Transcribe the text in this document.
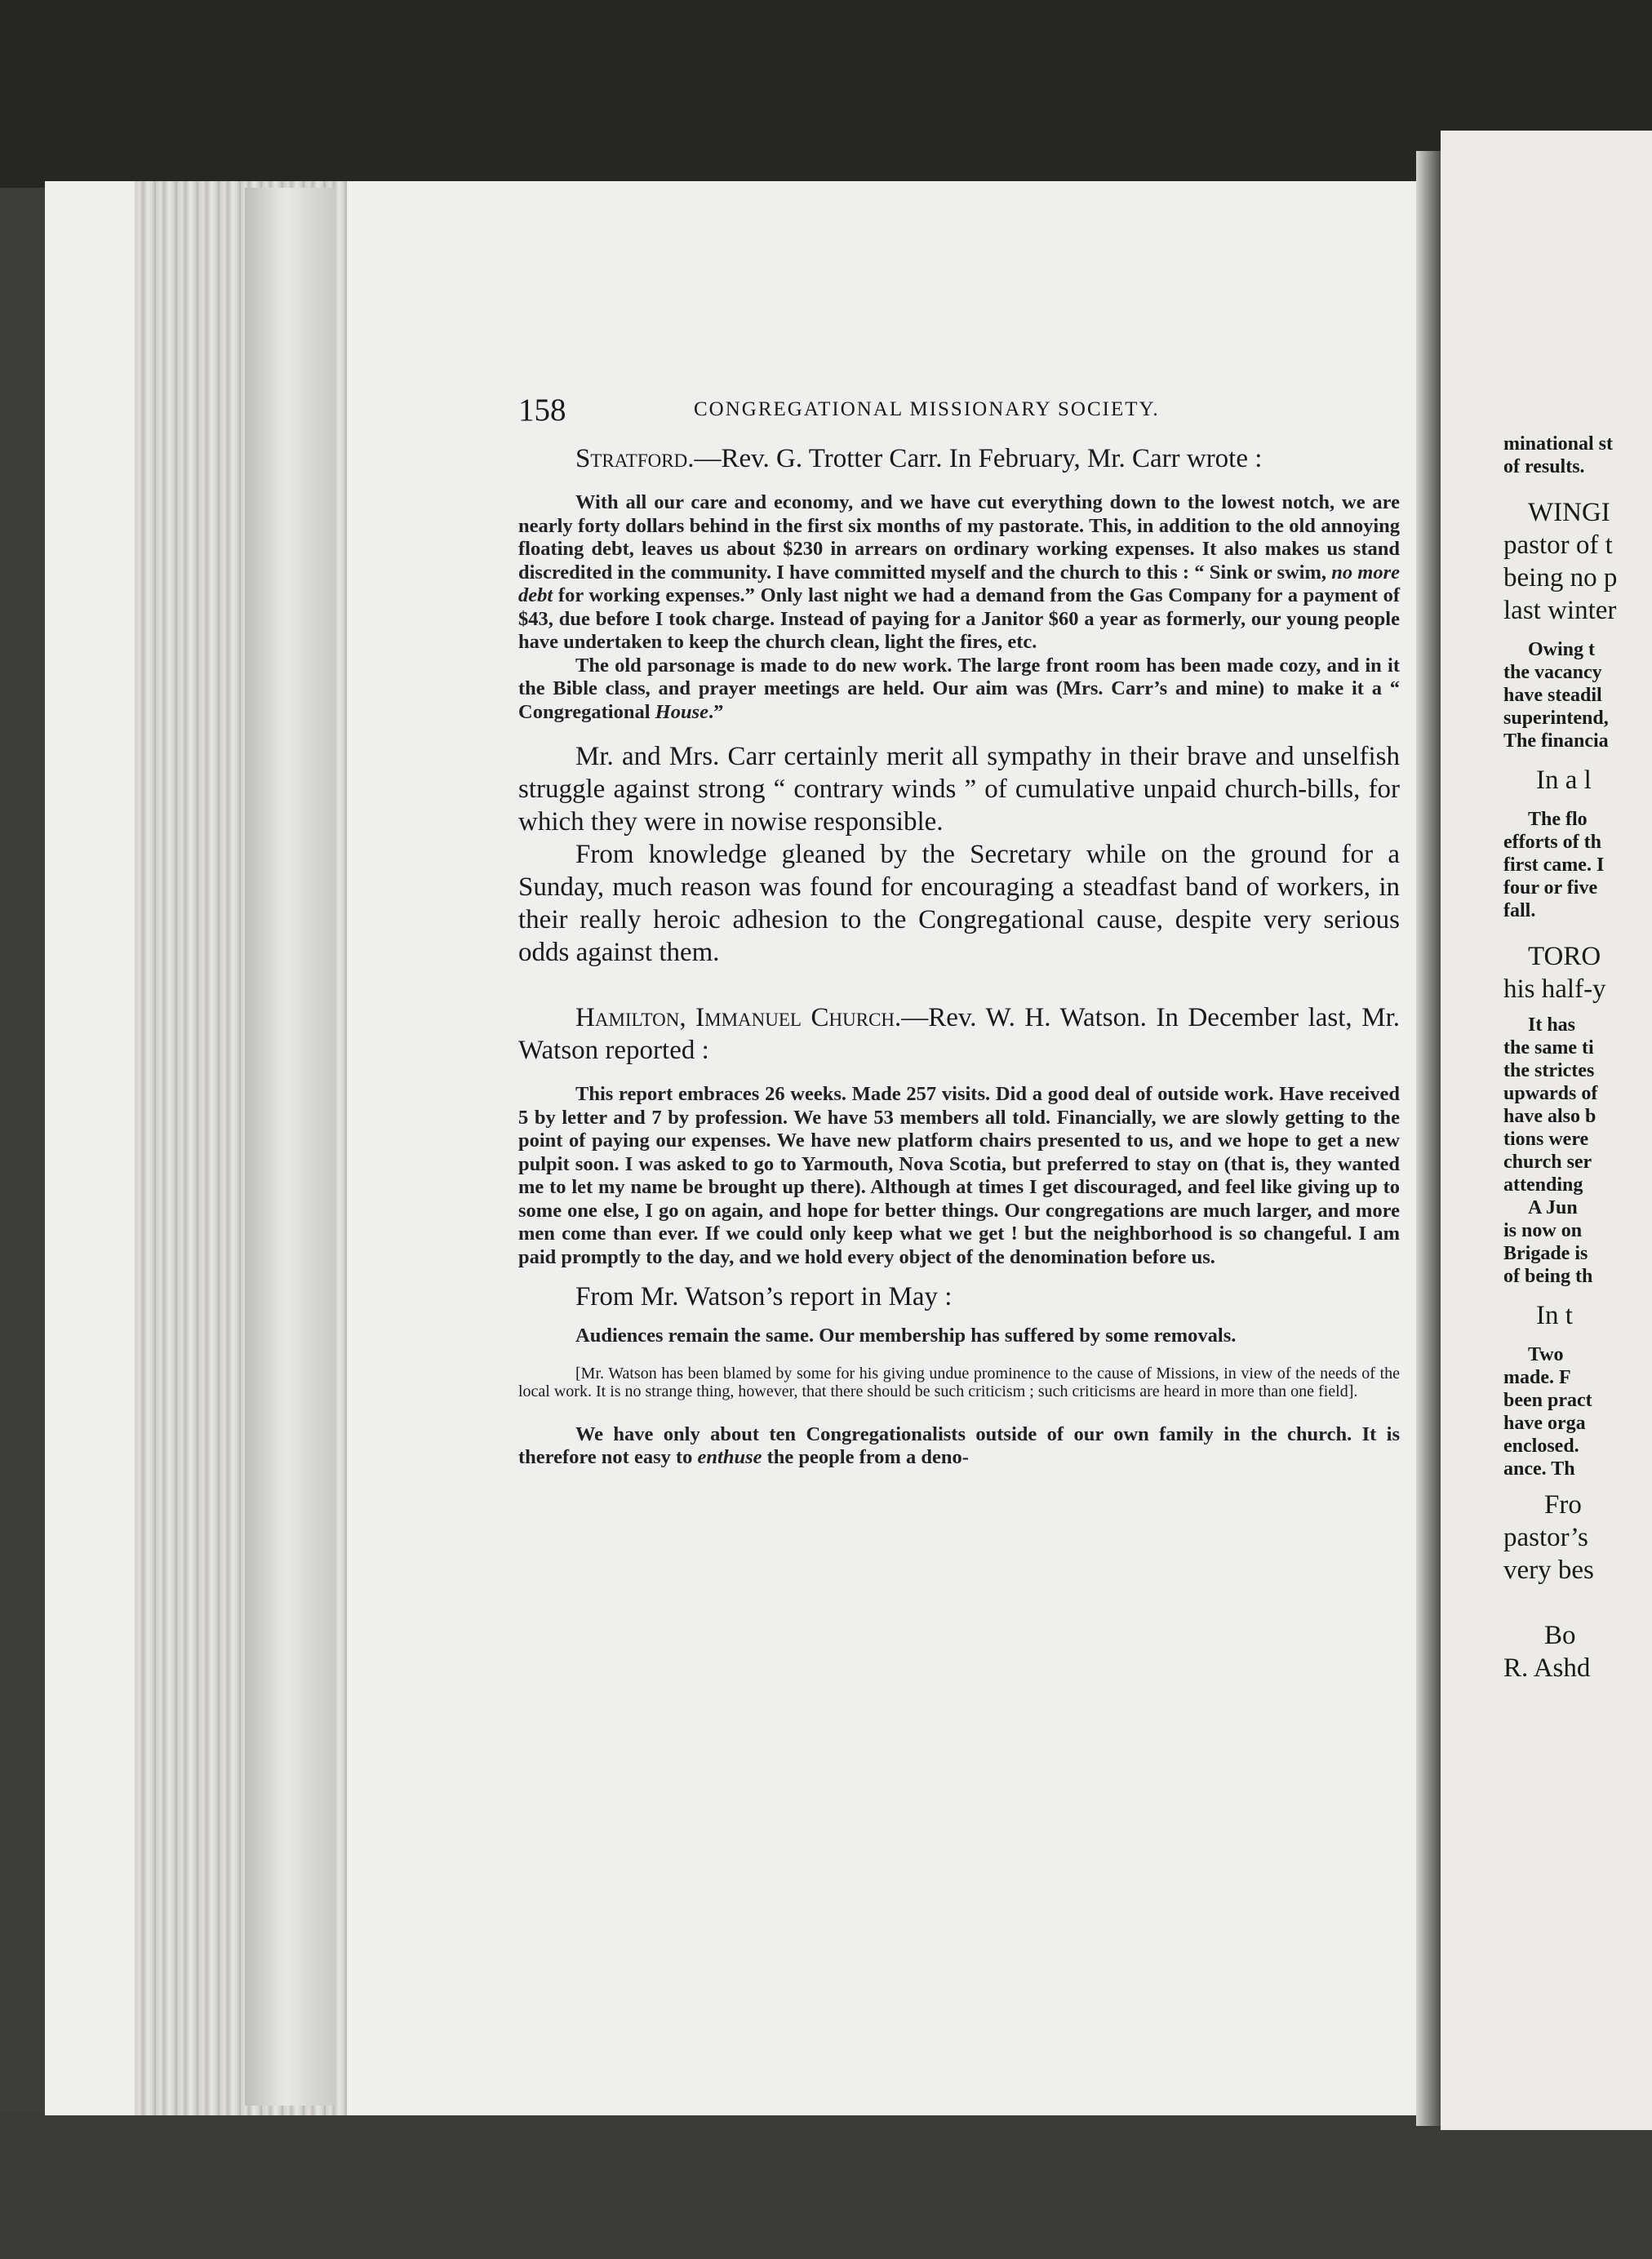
158	CONGREGATIONAL MISSIONARY SOCIETY.

Stratford.—Rev. G. Trotter Carr. In February, Mr. Carr wrote :

With all our care and economy, and we have cut everything down to the lowest notch, we are nearly forty dollars behind in the first six months of my pastorate. This, in addition to the old annoying floating debt, leaves us about $230 in arrears on ordinary working expenses. It also makes us stand discredited in the community. I have committed myself and the church to this : “ Sink or swim, no more debt for working expenses.” Only last night we had a demand from the Gas Company for a payment of $43, due before I took charge. Instead of paying for a Janitor $60 a year as formerly, our young people have undertaken to keep the church clean, light the fires, etc.

The old parsonage is made to do new work. The large front room has been made cozy, and in it the Bible class, and prayer meetings are held. Our aim was (Mrs. Carr’s and mine) to make it a “ Congregational House.”

Mr. and Mrs. Carr certainly merit all sympathy in their brave and unselfish struggle against strong “ contrary winds ” of cumulative unpaid church-bills, for which they were in nowise responsible.

From knowledge gleaned by the Secretary while on the ground for a Sunday, much reason was found for encouraging a steadfast band of workers, in their really heroic adhesion to the Congregational cause, despite very serious odds against them.

Hamilton, Immanuel Church.—Rev. W. H. Watson. In December last, Mr. Watson reported :

This report embraces 26 weeks. Made 257 visits. Did a good deal of outside work. Have received 5 by letter and 7 by profession. We have 53 members all told. Financially, we are slowly getting to the point of paying our expenses. We have new platform chairs presented to us, and we hope to get a new pulpit soon. I was asked to go to Yarmouth, Nova Scotia, but preferred to stay on (that is, they wanted me to let my name be brought up there). Although at times I get discouraged, and feel like giving up to some one else, I go on again, and hope for better things. Our congregations are much larger, and more men come than ever. If we could only keep what we get ! but the neighborhood is so changeful. I am paid promptly to the day, and we hold every object of the denomination before us.

From Mr. Watson’s report in May :

Audiences remain the same. Our membership has suffered by some removals.

[Mr. Watson has been blamed by some for his giving undue prominence to the cause of Missions, in view of the needs of the local work. It is no strange thing, however, that there should be such criticism ; such criticisms are heard in more than one field].

We have only about ten Congregationalists outside of our own family in the church. It is therefore not easy to enthuse the people from a deno-

minational st
of results.
WINGI
pastor of t
being no p
last winter
Owing t
the vacancy
have steadil
superintend,
The financia
In a l
The flo
efforts of th
first came. I
four or five
fall.
TORO
his half-y
It has
the same ti
the strictes
upwards of
have also b
tions were
church ser
attending
A Jun
is now on
Brigade is
of being th
In t
Two
made. F
been pract
have orga
enclosed.
ance. Th
Fro
pastor’s
very bes
Bo
R. Ashd
